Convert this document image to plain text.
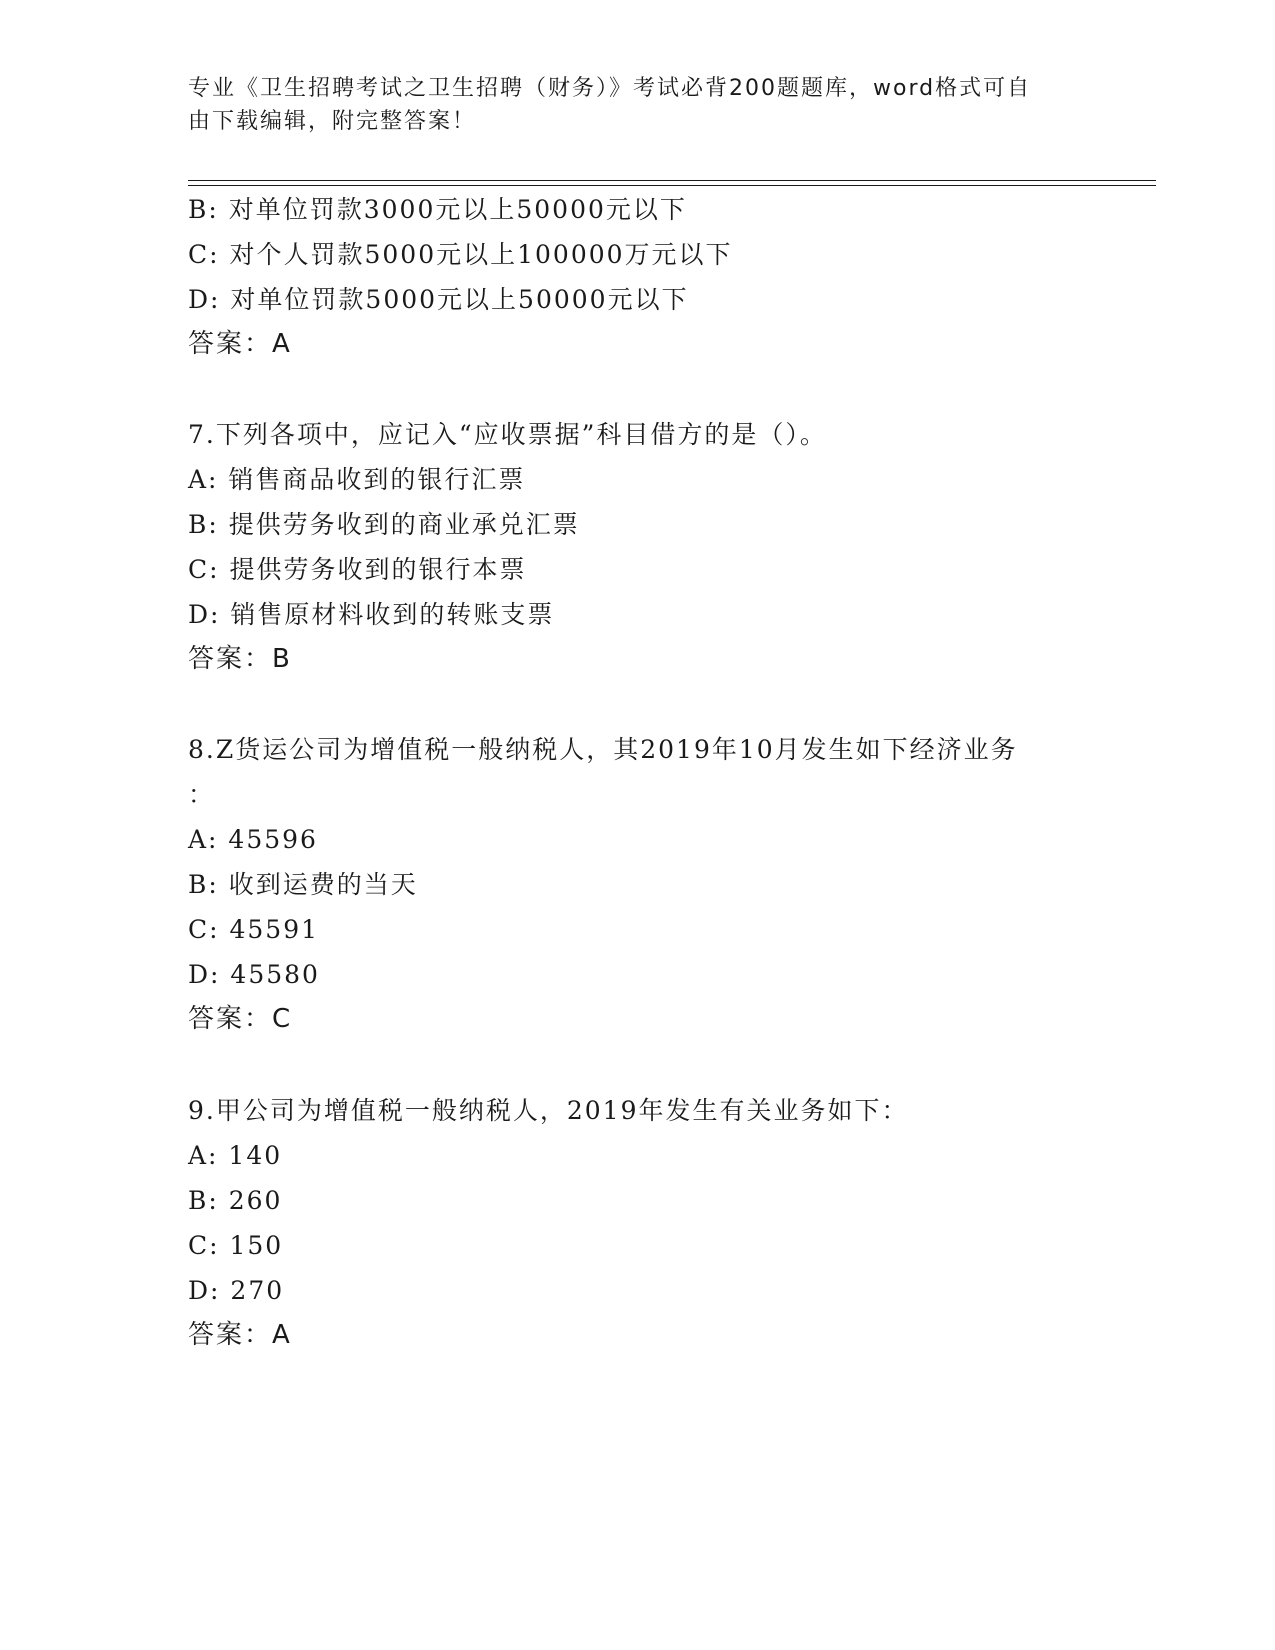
专业《卫生招聘考试之卫生招聘（财务）》考试必背200题题库，word格式可自
由下载编辑，附完整答案！
B: 对单位罚款3000元以上50000元以下
C: 对个人罚款5000元以上100000万元以下
D: 对单位罚款5000元以上50000元以下
答案：A
7.下列各项中，应记入“应收票据”科目借方的是（）。
A: 销售商品收到的银行汇票
B: 提供劳务收到的商业承兑汇票
C: 提供劳务收到的银行本票
D: 销售原材料收到的转账支票
答案：B
8.Z货运公司为增值税一般纳税人，其2019年10月发生如下经济业务
：
A: 45596
B: 收到运费的当天
C: 45591
D: 45580
答案：C
9.甲公司为增值税一般纳税人，2019年发生有关业务如下：
A: 140
B: 260
C: 150
D: 270
答案：A
